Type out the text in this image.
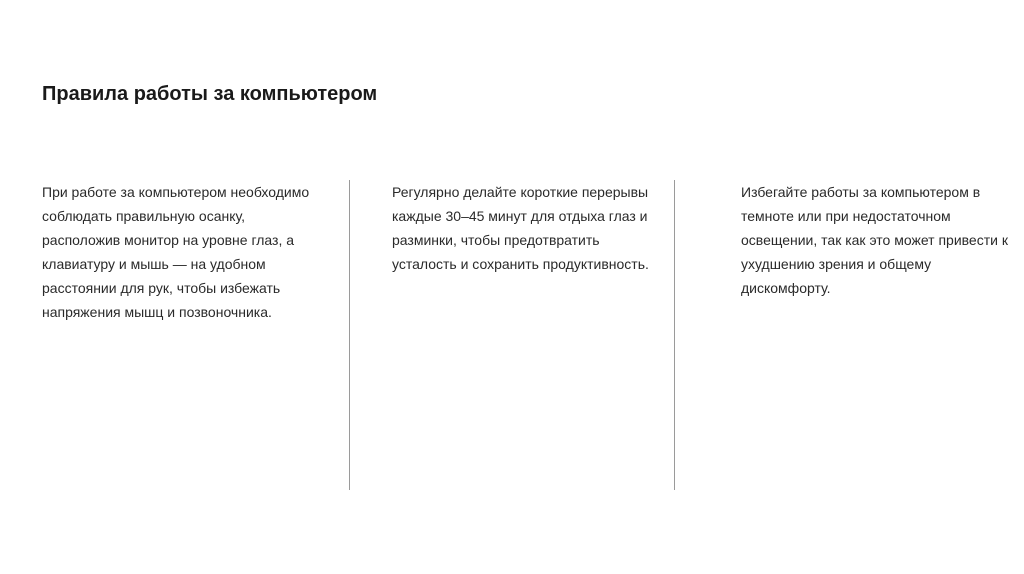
Правила работы за компьютером

При работе за компьютером необходимо соблюдать правильную осанку, расположив монитор на уровне глаз, а клавиатуру и мышь — на удобном расстоянии для рук, чтобы избежать напряжения мышц и позвоночника.

Регулярно делайте короткие перерывы каждые 30–45 минут для отдыха глаз и разминки, чтобы предотвратить усталость и сохранить продуктивность.

Избегайте работы за компьютером в темноте или при недостаточном освещении, так как это может привести к ухудшению зрения и общему дискомфорту.
